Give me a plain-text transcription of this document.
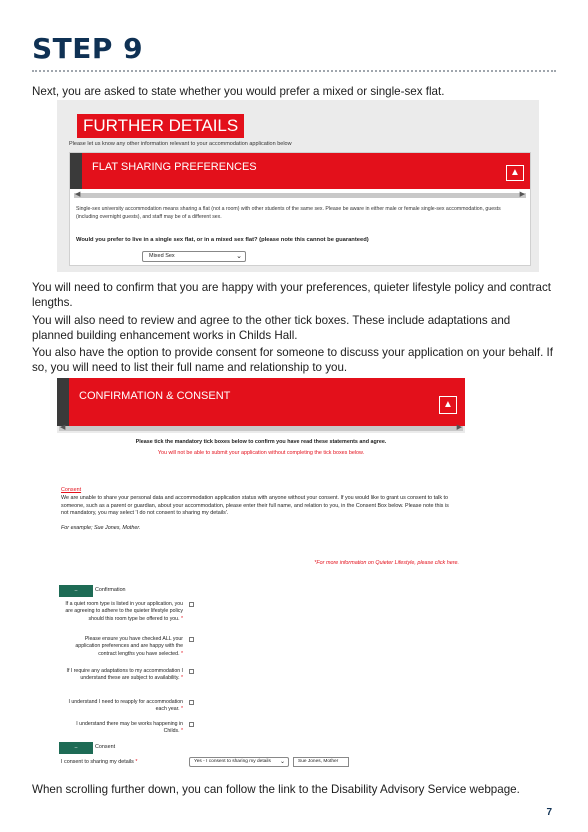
STEP 9
Next, you are asked to state whether you would prefer a mixed or single-sex flat.
FURTHER DETAILS
Please let us know any other information relevant to your accommodation application below
FLAT SHARING PREFERENCES	▲
◀	▶
Single-sex university accommodation means sharing a flat (not a room) with other students of the same sex. Please be aware in either male or female single-sex accommodation, guests (including overnight guests), and staff may be of a different sex.
Would you prefer to live in a single sex flat, or in a mixed sex flat? (please note this cannot be guaranteed)
Mixed Sex	⌄
You will need to confirm that you are happy with your preferences, quieter lifestyle policy and contract lengths.
You will also need to review and agree to the other tick boxes. These include adaptations and planned building enhancement works in Childs Hall.
You also have the option to provide consent for someone to discuss your application on your behalf. If so, you will need to list their full name and relationship to you.
CONFIRMATION & CONSENT
▲
◀	▶
Please tick the mandatory tick boxes below to confirm you have read these statements and agree.
You will not be able to submit your application without completing the tick boxes below.
Consent
We are unable to share your personal data and accommodation application status with anyone without your consent. If you would like to grant us consent to talk to someone, such as a parent or guardian, about your accommodation, please enter their full name, and relation to you, in the Consent Box below. Please note this is not mandatory, you may select 'I do not consent to sharing my details'.
For example; Sue Jones, Mother.
*For more information on Quieter Lifestyle, please click here.
–	Confirmation
If a quiet room type is listed in your application, you are agreeing to adhere to the quieter lifestyle policy should this room type be offered to you. *
Please ensure you have checked ALL your application preferences and are happy with the contract lengths you have selected. *
If I require any adaptations to my accommodation I understand these are subject to availability. *
I understand I need to reapply for accommodation each year. *
I understand there may be works happening in Childs. *
–	Consent
I consent to sharing my details *	Yes - I consent to sharing my details ⌄	Sue Jones, Mother
When scrolling further down, you can follow the link to the Disability Advisory Service webpage.
7
